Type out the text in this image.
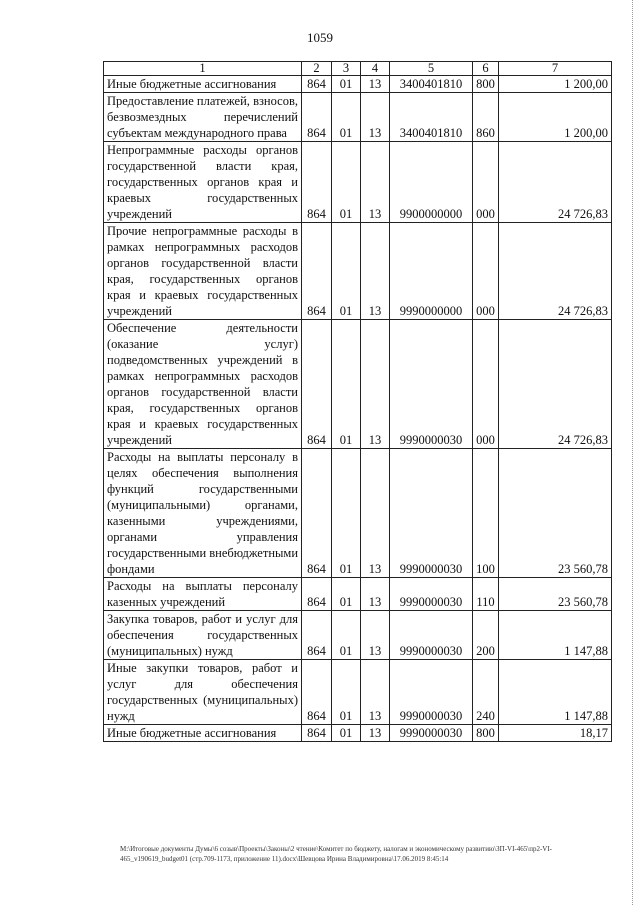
1059
1	2	3	4	5	6	7

Иные бюджетные ассигнования	864	01	13	3400401810	800	1 200,00

Предоставление платежей, взносов, безвозмездных перечислений субъектам международного права	864	01	13	3400401810	860	1 200,00

Непрограммные расходы органов государственной власти края, государственных органов края и краевых государственных учреждений	864	01	13	9900000000	000	24 726,83

Прочие непрограммные расходы в рамках непрограммных расходов органов государственной власти края, государственных органов края и краевых государственных учреждений	864	01	13	9990000000	000	24 726,83

Обеспечение деятельности (оказание услуг) подведомственных учреждений в рамках непрограммных расходов органов государственной власти края, государственных органов края и краевых государственных учреждений	864	01	13	9990000030	000	24 726,83

Расходы на выплаты персоналу в целях обеспечения выполнения функций государственными (муниципальными) органами, казенными учреждениями, органами управления государственными внебюджетными фондами	864	01	13	9990000030	100	23 560,78

Расходы на выплаты персоналу казенных учреждений	864	01	13	9990000030	110	23 560,78

Закупка товаров, работ и услуг для обеспечения государственных (муниципальных) нужд	864	01	13	9990000030	200	1 147,88

Иные закупки товаров, работ и услуг для обеспечения государственных (муниципальных) нужд	864	01	13	9990000030	240	1 147,88

Иные бюджетные ассигнования	864	01	13	9990000030	800	18,17
М:\Итоговые документы Думы\6 созыв\Проекты\Законы\2 чтение\Комитет по бюджету, налогам и экономическому развитию\ЗП-VI-465\пр2-VI-465_v190619_budget01 (стр.709-1173, приложение 11).docx\Шевцова Ирина Владимировна\17.06.2019 8:45:14
